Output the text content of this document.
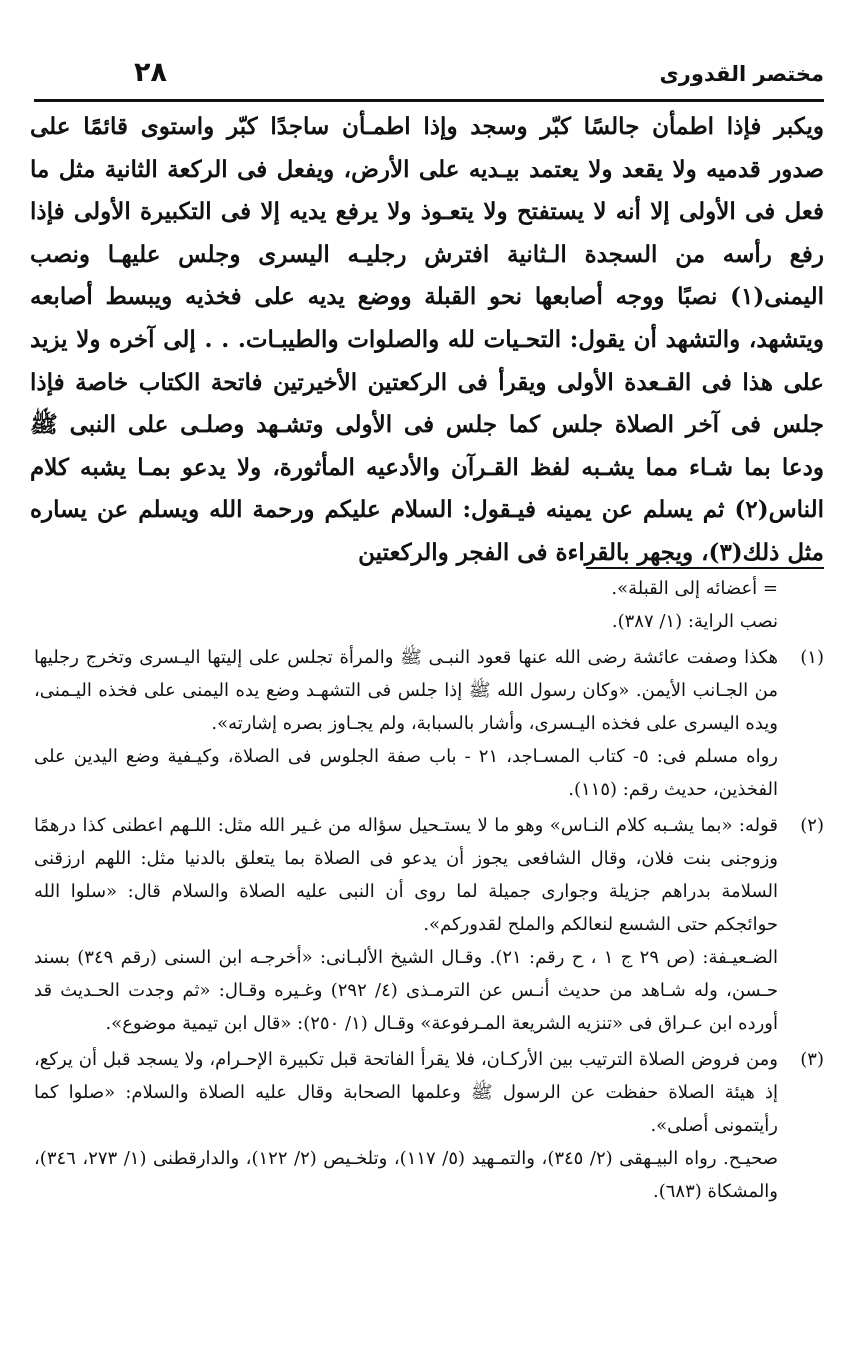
مختصر القدورى
٢٨

ويكبر فإذا اطمأن جالسًا كبّر وسجد وإذا اطمـأن ساجدًا كبّر واستوى قائمًا على صدور قدميه ولا يقعد ولا يعتمد بيـديه على الأرض، ويفعل فى الركعة الثانية مثل ما فعل فى الأولى إلا أنه لا يستفتح ولا يتعـوذ ولا يرفع يديه إلا فى التكبيرة الأولى فإذا رفع رأسه من السجدة الـثانية افترش رجليـه اليسرى وجلس عليهـا ونصب اليمنى(١) نصبًا ووجه أصابعها نحو القبلة ووضع يديه على فخذيه ويبسط أصابعه ويتشهد، والتشهد أن يقول: التحـيات لله والصلوات والطيبـات. . . إلى آخره ولا يزيد على هذا فى القـعدة الأولى ويقرأ فى الركعتين الأخيرتين فاتحة الكتاب خاصة فإذا جلس فى آخر الصلاة جلس كما جلس فى الأولى وتشـهد وصلـى على النبى ﷺ ودعا بما شـاء مما يشـبه لفظ القـرآن والأدعيه المأثورة، ولا يدعو بمـا يشبه كلام الناس(٢) ثم يسلم عن يمينه فيـقول: السلام عليكم ورحمة الله ويسلم عن يساره مثل ذلك(٣)، ويجهر بالقراءة فى الفجر والركعتين

= أعضائه إلى القبلة».

نصب الراية: (١/ ٣٨٧).

(١)

هكذا وصفت عائشة رضى الله عنها قعود النبـى ﷺ والمرأة تجلس على إليتها اليـسرى وتخرج رجليها من الجـانب الأيمن. «وكان رسول الله ﷺ إذا جلس فى التشهـد وضع يده اليمنى على فخذه اليـمنى، ويده اليسرى على فخذه اليـسرى، وأشار بالسبابة، ولم يجـاوز بصره إشارته».

رواه مسلم فى: ٥- كتاب المسـاجد، ٢١ - باب صفة الجلوس فى الصلاة، وكيـفية وضع اليدين على الفخذين، حديث رقم: (١١٥).

(٢)

قوله: «بما يشـبه كلام النـاس» وهو ما لا يستـحيل سؤاله من غـير الله مثل: اللـهم اعطنى كذا درهمًا وزوجنى بنت فلان، وقال الشافعى يجوز أن يدعو فى الصلاة بما يتعلق بالدنيا مثل: اللهم ارزقنى السلامة بدراهم جزيلة وجوارى جميلة لما روى أن النبى عليه الصلاة والسلام قال: «سلوا الله حوائجكم حتى الشسع لنعالكم والملح لقدوركم».

الضـعيـفة: (ص ٢٩ ج ١ ، ح رقم: ٢١). وقـال الشيخ الألبـانى: «أخرجـه ابن السنى (رقم ٣٤٩) بسند حـسن، وله شـاهد من حديث أنـس عن الترمـذى (٤/ ٢٩٢) وغـيره وقـال: «ثم وجدت الحـديث قد أورده ابن عـراق فى «تنزيه الشريعة المـرفوعة» وقـال (١/ ٢٥٠): «قال ابن تيمية موضوع».

(٣)

ومن فروض الصلاة الترتيب بين الأركـان، فلا يقرأ الفاتحة قبل تكبيرة الإحـرام، ولا يسجد قبل أن يركع، إذ هيئة الصلاة حفظت عن الرسول ﷺ وعلمها الصحابة وقال عليه الصلاة والسلام: «صلوا كما رأيتمونى أصلى».

صحيـح. رواه البيـهقى (٢/ ٣٤٥)، والتمـهيد (٥/ ١١٧)، وتلخـيص (٢/ ١٢٢)، والدارقطنى (١/ ٢٧٣، ٣٤٦)، والمشكاة (٦٨٣).
